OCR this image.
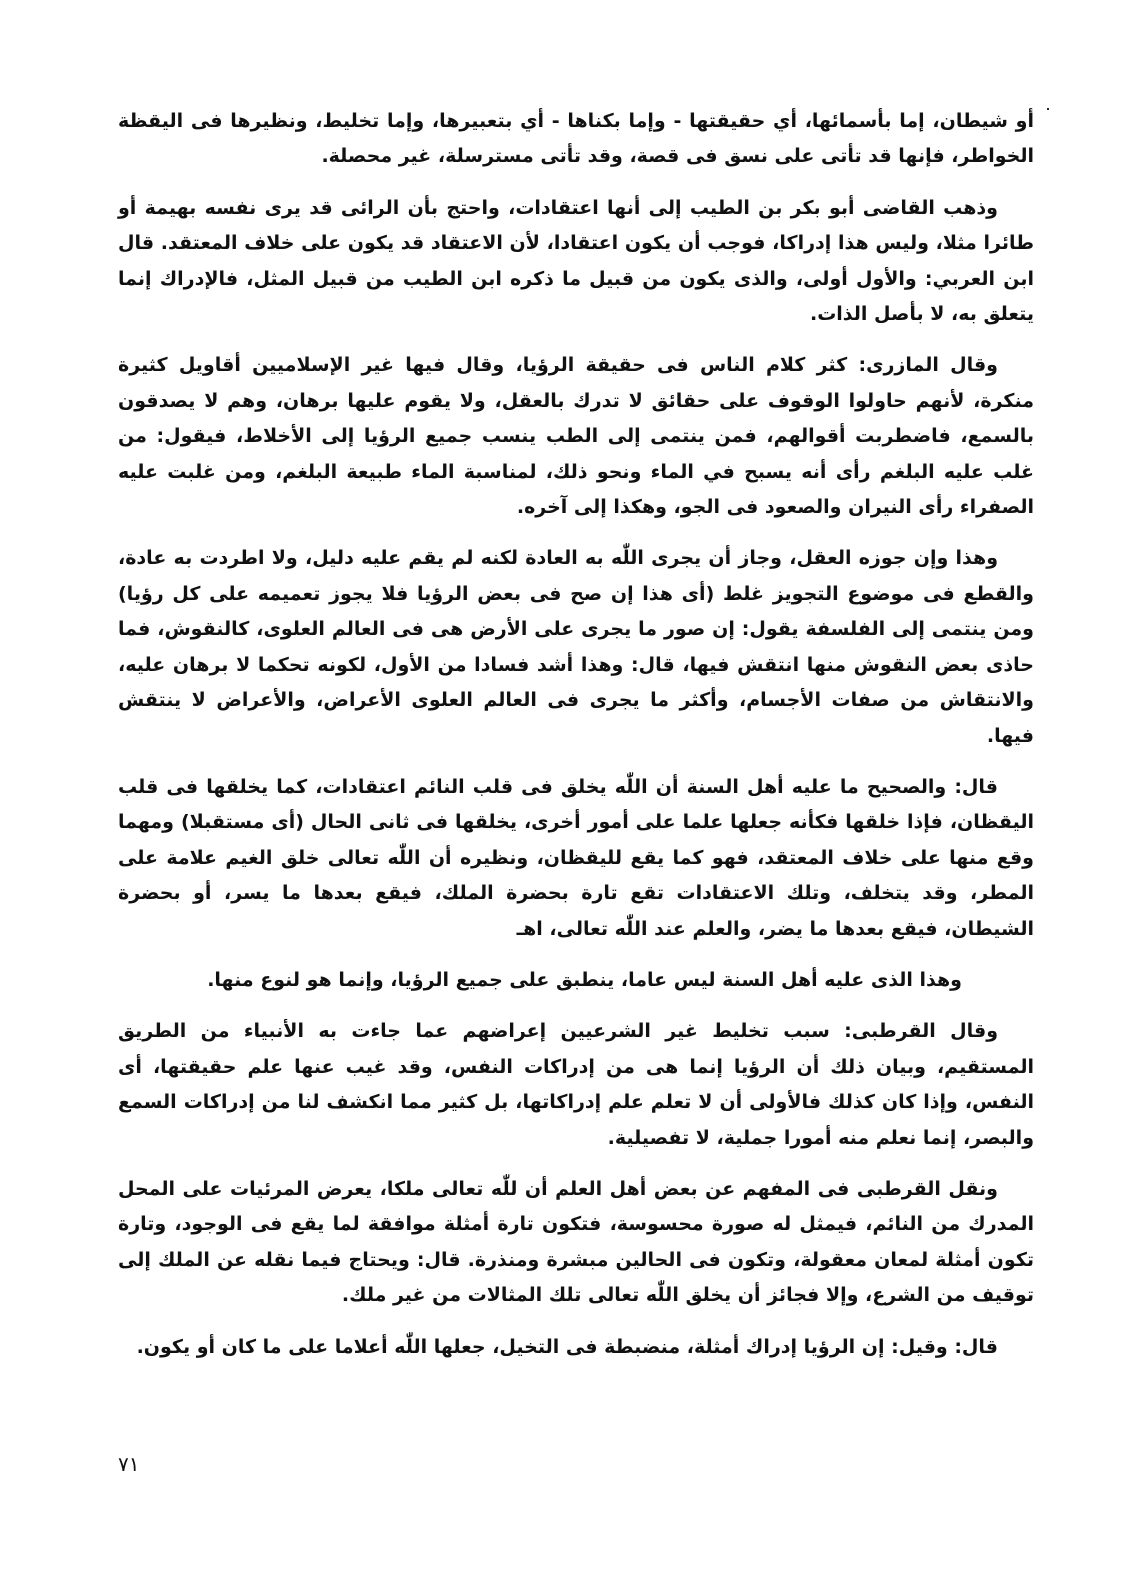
أو شيطان، إما بأسمائها، أي حقيقتها - وإما بكناها - أي بتعبيرها، وإما تخليط، ونظيرها فى اليقظة الخواطر، فإنها قد تأتى على نسق فى قصة، وقد تأتى مسترسلة، غير محصلة.

وذهب القاضى أبو بكر بن الطيب إلى أنها اعتقادات، واحتج بأن الرائى قد يرى نفسه بهيمة أو طائرا مثلا، وليس هذا إدراكا، فوجب أن يكون اعتقادا، لأن الاعتقاد قد يكون على خلاف المعتقد. قال ابن العربي: والأول أولى، والذى يكون من قبيل ما ذكره ابن الطيب من قبيل المثل، فالإدراك إنما يتعلق به، لا بأصل الذات.

وقال المازرى: كثر كلام الناس فى حقيقة الرؤيا، وقال فيها غير الإسلاميين أقاويل كثيرة منكرة، لأنهم حاولوا الوقوف على حقائق لا تدرك بالعقل، ولا يقوم عليها برهان، وهم لا يصدقون بالسمع، فاضطربت أقوالهم، فمن ينتمى إلى الطب ينسب جميع الرؤيا إلى الأخلاط، فيقول: من غلب عليه البلغم رأى أنه يسبح في الماء ونحو ذلك، لمناسبة الماء طبيعة البلغم، ومن غلبت عليه الصفراء رأى النيران والصعود فى الجو، وهكذا إلى آخره.

وهذا وإن جوزه العقل، وجاز أن يجرى اللّٰه به العادة لكنه لم يقم عليه دليل، ولا اطردت به عادة، والقطع فى موضوع التجويز غلط (أى هذا إن صح فى بعض الرؤيا فلا يجوز تعميمه على كل رؤيا) ومن ينتمى إلى الفلسفة يقول: إن صور ما يجرى على الأرض هى فى العالم العلوى، كالنقوش، فما حاذى بعض النقوش منها انتقش فيها، قال: وهذا أشد فسادا من الأول، لكونه تحكما لا برهان عليه، والانتقاش من صفات الأجسام، وأكثر ما يجرى فى العالم العلوى الأعراض، والأعراض لا ينتقش فيها.

قال: والصحيح ما عليه أهل السنة أن اللّٰه يخلق فى قلب النائم اعتقادات، كما يخلقها فى قلب اليقظان، فإذا خلقها فكأنه جعلها علما على أمور أخرى، يخلقها فى ثانى الحال (أى مستقبلا) ومهما وقع منها على خلاف المعتقد، فهو كما يقع لليقظان، ونظيره أن اللّٰه تعالى خلق الغيم علامة على المطر، وقد يتخلف، وتلك الاعتقادات تقع تارة بحضرة الملك، فيقع بعدها ما يسر، أو بحضرة الشيطان، فيقع بعدها ما يضر، والعلم عند اللّٰه تعالى، اهـ

وهذا الذى عليه أهل السنة ليس عاما، ينطبق على جميع الرؤيا، وإنما هو لنوع منها.

وقال القرطبى: سبب تخليط غير الشرعيين إعراضهم عما جاءت به الأنبياء من الطريق المستقيم، وبيان ذلك أن الرؤيا إنما هى من إدراكات النفس، وقد غيب عنها علم حقيقتها، أى النفس، وإذا كان كذلك فالأولى أن لا تعلم علم إدراكاتها، بل كثير مما انكشف لنا من إدراكات السمع والبصر، إنما نعلم منه أمورا جملية، لا تفصيلية.

ونقل القرطبى فى المفهم عن بعض أهل العلم أن للّٰه تعالى ملكا، يعرض المرئيات على المحل المدرك من النائم، فيمثل له صورة محسوسة، فتكون تارة أمثلة موافقة لما يقع فى الوجود، وتارة تكون أمثلة لمعان معقولة، وتكون فى الحالين مبشرة ومنذرة. قال: ويحتاج فيما نقله عن الملك إلى توقيف من الشرع، وإلا فجائز أن يخلق اللّٰه تعالى تلك المثالات من غير ملك.

قال: وقيل: إن الرؤيا إدراك أمثلة، منضبطة فى التخيل، جعلها اللّٰه أعلاما على ما كان أو يكون.

٧١
